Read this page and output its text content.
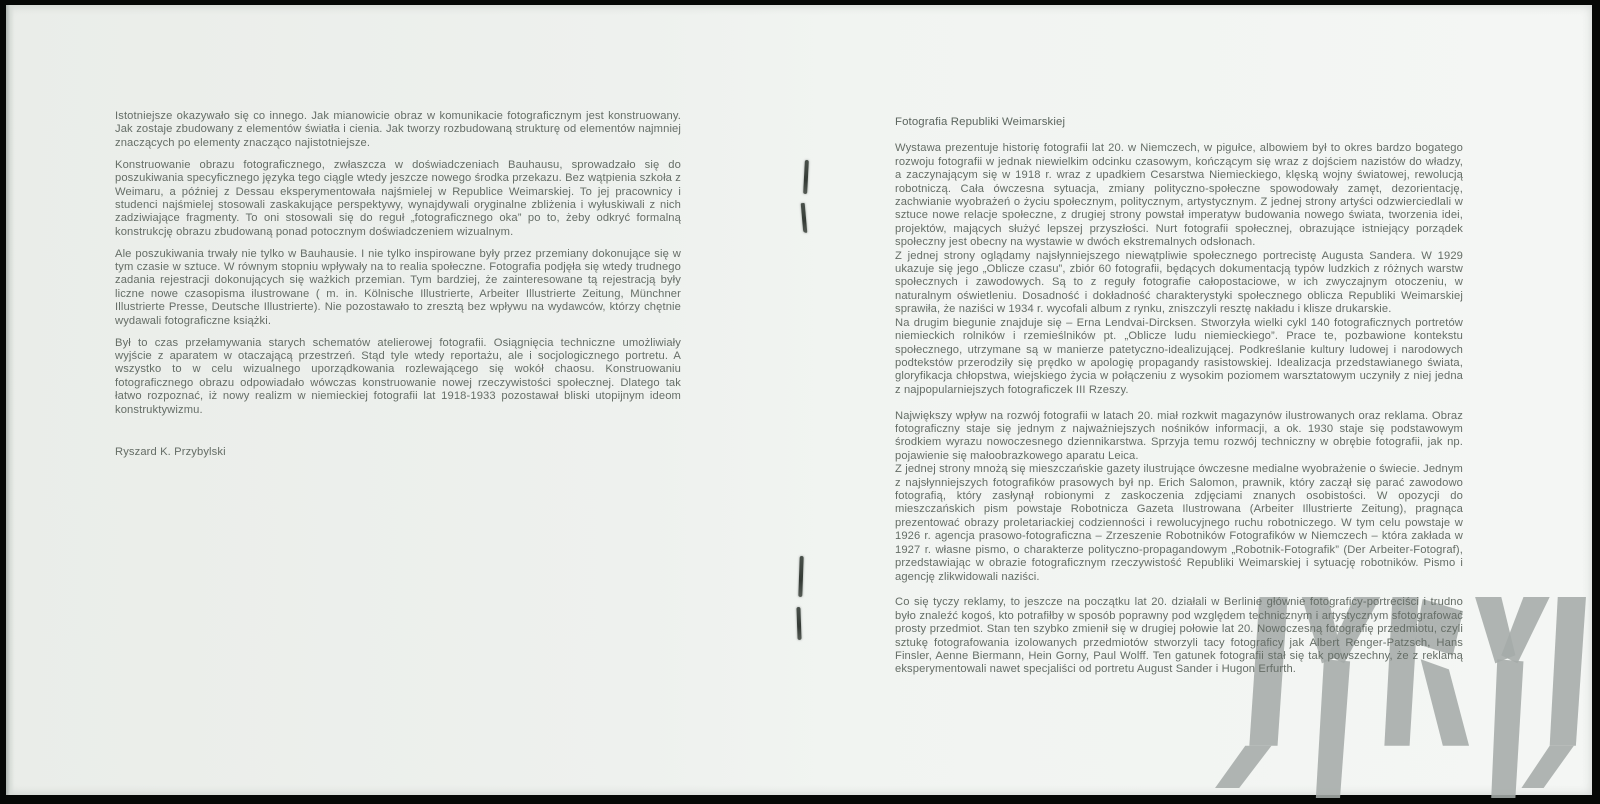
Istotniejsze okazywało się co innego. Jak mianowicie obraz w komunikacie fotograficznym jest konstruowany. Jak zostaje zbudowany z elementów światła i cienia. Jak tworzy rozbudowaną strukturę od elementów najmniej znaczących po elementy znacząco najistotniejsze.

Konstruowanie obrazu fotograficznego, zwłaszcza w doświadczeniach Bauhausu, sprowadzało się do poszukiwania specyficznego języka tego ciągle wtedy jeszcze nowego środka przekazu. Bez wątpienia szkoła z Weimaru, a później z Dessau eksperymentowała najśmielej w Republice Weimarskiej. To jej pracownicy i studenci najśmielej stosowali zaskakujące perspektywy, wynajdywali oryginalne zbliżenia i wyłuskiwali z nich zadziwiające fragmenty. To oni stosowali się do reguł „fotograficznego oka” po to, żeby odkryć formalną konstrukcję obrazu zbudowaną ponad potocznym doświadczeniem wizualnym.

Ale poszukiwania trwały nie tylko w Bauhausie. I nie tylko inspirowane były przez przemiany dokonujące się w tym czasie w sztuce. W równym stopniu wpływały na to realia społeczne. Fotografia podjęła się wtedy trudnego zadania rejestracji dokonujących się ważkich przemian. Tym bardziej, że zainteresowane tą rejestracją były liczne nowe czasopisma ilustrowane ( m. in. Kölnische Illustrierte, Arbeiter Illustrierte Zeitung, Münchner Illustrierte Presse, Deutsche Illustrierte). Nie pozostawało to zresztą bez wpływu na wydawców, którzy chętnie wydawali fotograficzne książki.

Był to czas przełamywania starych schematów atelierowej fotografii. Osiągnięcia techniczne umożliwiały wyjście z aparatem w otaczającą przestrzeń. Stąd tyle wtedy reportażu, ale i socjologicznego portretu. A wszystko to w celu wizualnego uporządkowania rozlewającego się wokół chaosu. Konstruowaniu fotograficznego obrazu odpowiadało wówczas konstruowanie nowej rzeczywistości społecznej. Dlatego tak łatwo rozpoznać, iż nowy realizm w niemieckiej fotografii lat 1918-1933 pozostawał bliski utopijnym ideom konstruktywizmu.

Ryszard K. Przybylski
Fotografia Republiki Weimarskiej

Wystawa prezentuje historię fotografii lat 20. w Niemczech, w pigułce, albowiem był to okres bardzo bogatego rozwoju fotografii w jednak niewielkim odcinku czasowym, kończącym się wraz z dojściem nazistów do władzy, a zaczynającym się w 1918 r. wraz z upadkiem Cesarstwa Niemieckiego, klęską wojny światowej, rewolucją robotniczą. Cała ówczesna sytuacja, zmiany polityczno-społeczne spowodowały zamęt, dezorientację, zachwianie wyobrażeń o życiu społecznym, politycznym, artystycznym. Z jednej strony artyści odzwierciedlali w sztuce nowe relacje społeczne, z drugiej strony powstał imperatyw budowania nowego świata, tworzenia idei, projektów, mających służyć lepszej przyszłości. Nurt fotografii społecznej, obrazujące istniejący porządek społeczny jest obecny na wystawie w dwóch ekstremalnych odsłonach.

Z jednej strony oglądamy najsłynniejszego niewątpliwie społecznego portrecistę Augusta Sandera. W 1929 ukazuje się jego „Oblicze czasu”, zbiór 60 fotografii, będących dokumentacją typów ludzkich z różnych warstw społecznych i zawodowych. Są to z reguły fotografie całopostaciowe, w ich zwyczajnym otoczeniu, w naturalnym oświetleniu. Dosadność i dokładność charakterystyki społecznego oblicza Republiki Weimarskiej sprawiła, że naziści w 1934 r. wycofali album z rynku, zniszczyli resztę nakładu i klisze drukarskie.

Na drugim biegunie znajduje się – Erna Lendvai-Dircksen. Stworzyła wielki cykl 140 fotograficznych portretów niemieckich rolników i rzemieślników pt. „Oblicze ludu niemieckiego”. Prace te, pozbawione kontekstu społecznego, utrzymane są w manierze patetyczno-idealizującej. Podkreślanie kultury ludowej i narodowych podtekstów przerodziły się prędko w apologię propagandy rasistowskiej. Idealizacja przedstawianego świata, gloryfikacja chłopstwa, wiejskiego życia w połączeniu z wysokim poziomem warsztatowym uczyniły z niej jedna z najpopularniejszych fotograficzek III Rzeszy.

Największy wpływ na rozwój fotografii w latach 20. miał rozkwit magazynów ilustrowanych oraz reklama. Obraz fotograficzny staje się jednym z najważniejszych nośników informacji, a ok. 1930 staje się podstawowym środkiem wyrazu nowoczesnego dziennikarstwa. Sprzyja temu rozwój techniczny w obrębie fotografii, jak np. pojawienie się małoobrazkowego aparatu Leica.

Z jednej strony mnożą się mieszczańskie gazety ilustrujące ówczesne medialne wyobrażenie o świecie. Jednym z najsłynniejszych fotografików prasowych był np. Erich Salomon, prawnik, który zaczął się parać zawodowo fotografią, który zasłynął robionymi z zaskoczenia zdjęciami znanych osobistości. W opozycji do mieszczańskich pism powstaje Robotnicza Gazeta Ilustrowana (Arbeiter Illustrierte Zeitung), pragnąca prezentować obrazy proletariackiej codzienności i rewolucyjnego ruchu robotniczego. W tym celu powstaje w 1926 r. agencja prasowo-fotograficzna – Zrzeszenie Robotników Fotografików w Niemczech – która zakłada w 1927 r. własne pismo, o charakterze polityczno-propagandowym „Robotnik-Fotografik” (Der Arbeiter-Fotograf), przedstawiając w obrazie fotograficznym rzeczywistość Republiki Weimarskiej i sytuację robotników. Pismo i agencję zlikwidowali naziści.

Co się tyczy reklamy, to jeszcze na początku lat 20. działali w Berlinie głównie fotograficy-portreciści i trudno było znaleźć kogoś, kto potrafiłby w sposób poprawny pod względem technicznym i artystycznym sfotografować prosty przedmiot. Stan ten szybko zmienił się w drugiej połowie lat 20. Nowoczesną fotografię przedmiotu, czyli sztukę fotografowania izolowanych przedmiotów stworzyli tacy fotograficy jak Albert Renger-Patzsch, Hans Finsler, Aenne Biermann, Hein Gorny, Paul Wolff. Ten gatunek fotografii stał się tak powszechny, że z reklamą eksperymentowali nawet specjaliści od portretu August Sander i Hugon Erfurth.
